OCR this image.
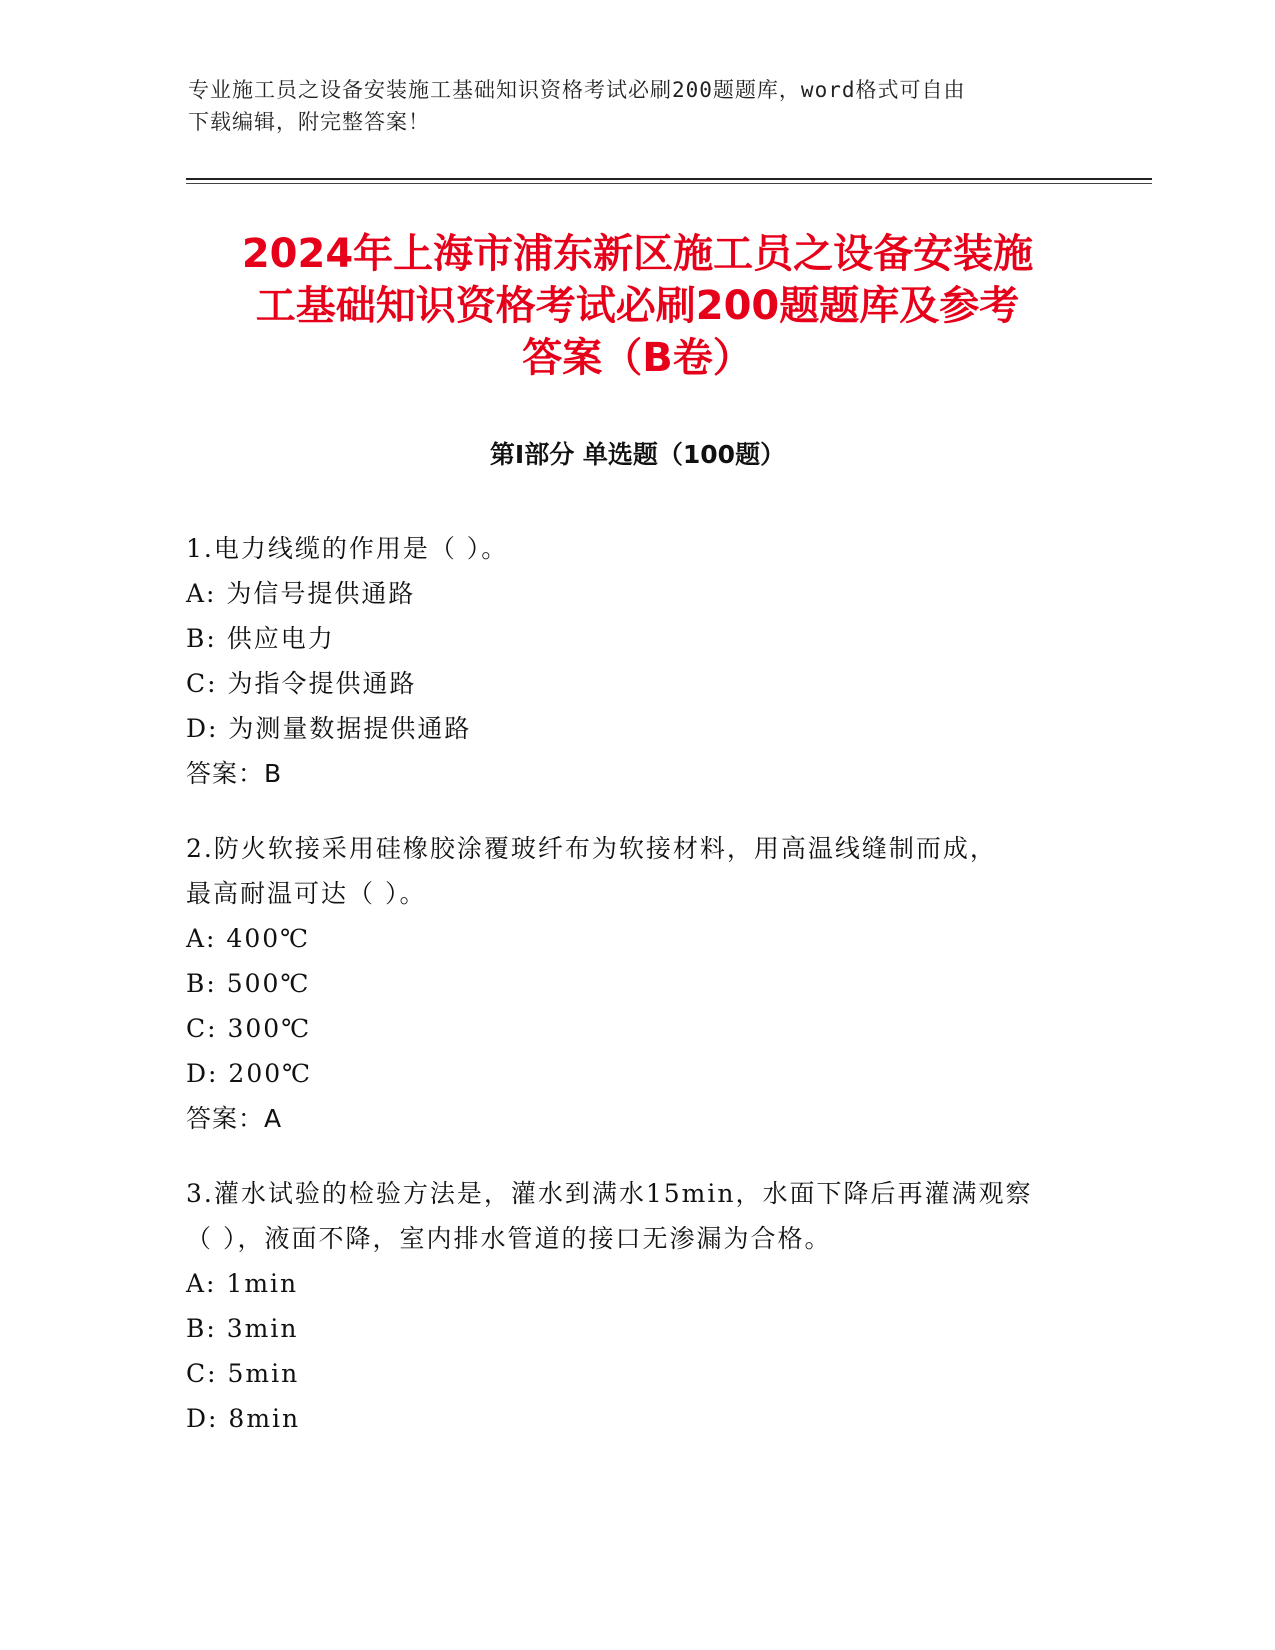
专业施工员之设备安装施工基础知识资格考试必刷200题题库，word格式可自由
下载编辑，附完整答案！
2024年上海市浦东新区施工员之设备安装施
工基础知识资格考试必刷200题题库及参考
答案（B卷）
第I部分 单选题（100题）
1.电力线缆的作用是（ ）。
A: 为信号提供通路
B: 供应电力
C: 为指令提供通路
D: 为测量数据提供通路
答案：B
2.防火软接采用硅橡胶涂覆玻纤布为软接材料，用高温线缝制而成，
最高耐温可达（ ）。
A: 400℃
B: 500℃
C: 300℃
D: 200℃
答案：A
3.灌水试验的检验方法是，灌水到满水15min，水面下降后再灌满观察
（ ），液面不降，室内排水管道的接口无渗漏为合格。
A: 1min
B: 3min
C: 5min
D: 8min
